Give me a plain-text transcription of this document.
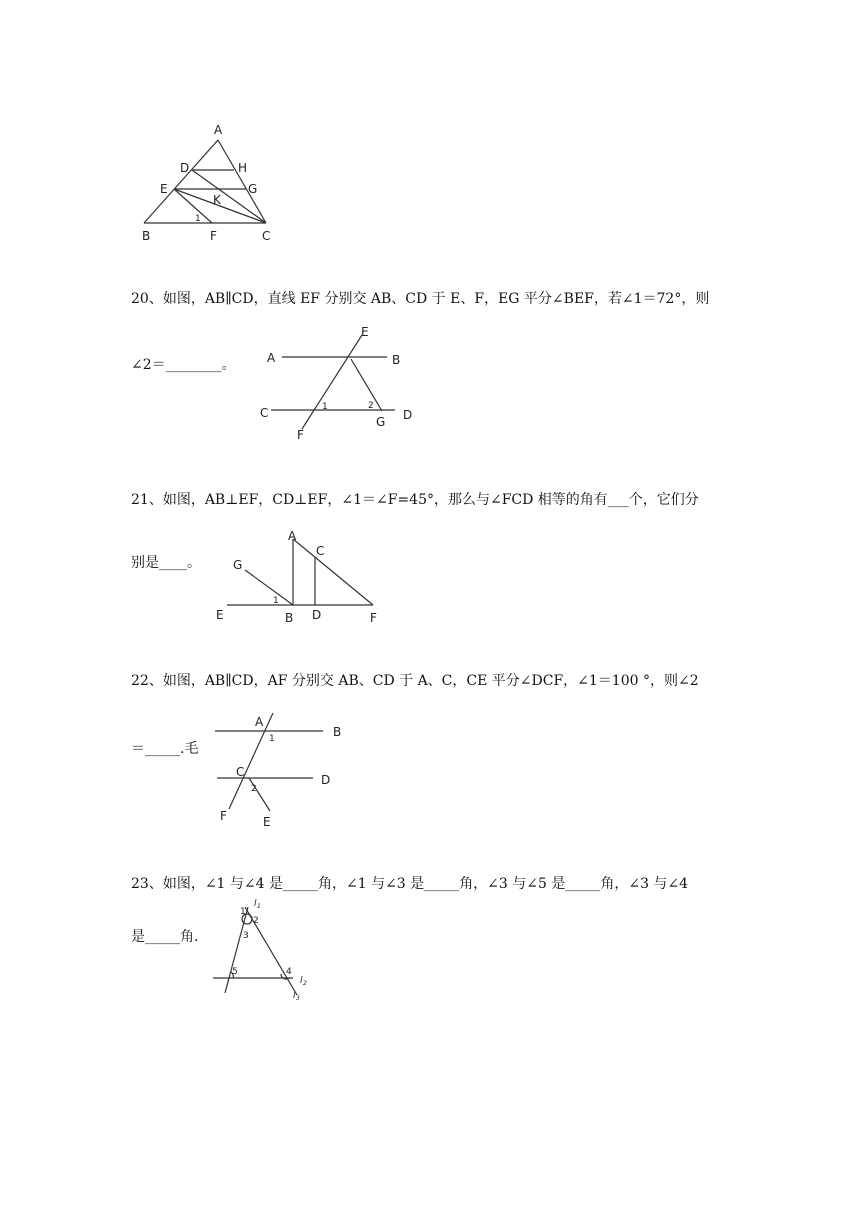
A
D	H
E	G
K
1
B	F	C
20、如图，AB∥CD，直线 EF 分别交 AB、CD 于 E、F，EG 平分∠BEF，若∠1＝72°，则
∠2＝________。
E
A	B
C	D
1	2
G
F
21、如图，AB⊥EF，CD⊥EF，∠1＝∠F=45°，那么与∠FCD 相等的角有___个，它们分
别是____。
A
C
G
1
E	B D	F
22、如图，AB∥CD，AF 分别交 AB、CD 于 A、C，CE 平分∠DCF，∠1＝100 °，则∠2
＝_____.毛
A
B
1
C
D
2
F	E
23、如图，∠1 与∠4 是_____角，∠1 与∠3 是_____角，∠3 与∠5 是_____角，∠3 与∠4
是_____角.
1
l 1
2
3
5	4
l 2
l 3
